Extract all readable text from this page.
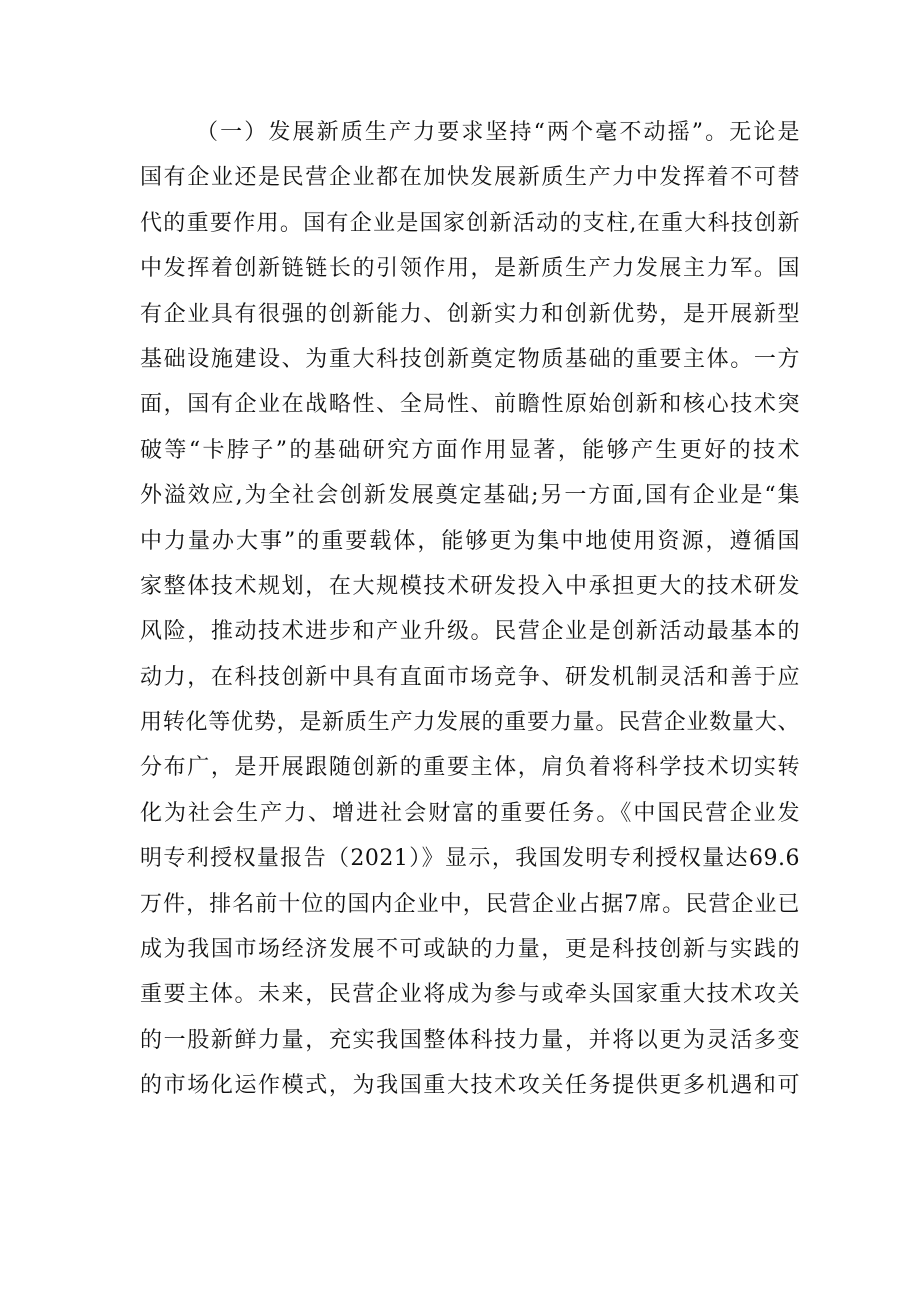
（一）发展新质生产力要求坚持“两个毫不动摇”。无论是
国有企业还是民营企业都在加快发展新质生产力中发挥着不可替
代的重要作用。国有企业是国家创新活动的支柱,在重大科技创新
中发挥着创新链链长的引领作用，是新质生产力发展主力军。国
有企业具有很强的创新能力、创新实力和创新优势，是开展新型
基础设施建设、为重大科技创新奠定物质基础的重要主体。一方
面，国有企业在战略性、全局性、前瞻性原始创新和核心技术突
破等“卡脖子”的基础研究方面作用显著，能够产生更好的技术
外溢效应,为全社会创新发展奠定基础;另一方面,国有企业是“集
中力量办大事”的重要载体，能够更为集中地使用资源，遵循国
家整体技术规划，在大规模技术研发投入中承担更大的技术研发
风险，推动技术进步和产业升级。民营企业是创新活动最基本的
动力，在科技创新中具有直面市场竞争、研发机制灵活和善于应
用转化等优势，是新质生产力发展的重要力量。民营企业数量大、
分布广，是开展跟随创新的重要主体，肩负着将科学技术切实转
化为社会生产力、增进社会财富的重要任务。《中国民营企业发
明专利授权量报告（2021）》显示，我国发明专利授权量达69.6
万件，排名前十位的国内企业中，民营企业占据7席。民营企业已
成为我国市场经济发展不可或缺的力量，更是科技创新与实践的
重要主体。未来，民营企业将成为参与或牵头国家重大技术攻关
的一股新鲜力量，充实我国整体科技力量，并将以更为灵活多变
的市场化运作模式，为我国重大技术攻关任务提供更多机遇和可
